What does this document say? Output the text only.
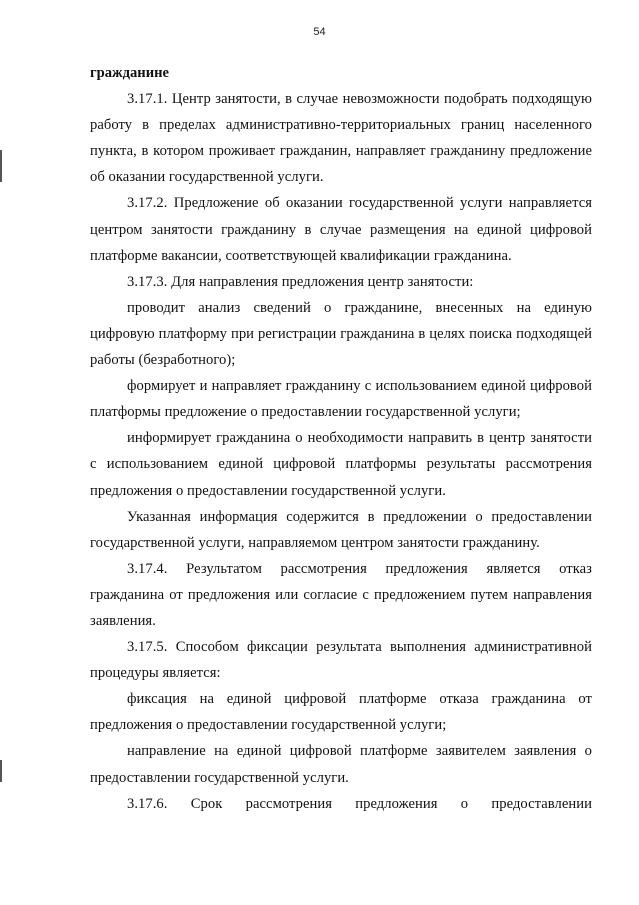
54

гражданине

3.17.1. Центр занятости, в случае невозможности подобрать подходящую работу в пределах административно-территориальных границ населенного пункта, в котором проживает гражданин, направляет гражданину предложение об оказании государственной услуги.

3.17.2. Предложение об оказании государственной услуги направляется центром занятости гражданину в случае размещения на единой цифровой платформе вакансии, соответствующей квалификации гражданина.

3.17.3. Для направления предложения центр занятости:

проводит анализ сведений о гражданине, внесенных на единую цифровую платформу при регистрации гражданина в целях поиска подходящей работы (безработного);

формирует и направляет гражданину с использованием единой цифровой платформы предложение о предоставлении государственной услуги;

информирует гражданина о необходимости направить в центр занятости с использованием единой цифровой платформы результаты рассмотрения предложения о предоставлении государственной услуги.

Указанная информация содержится в предложении о предоставлении государственной услуги, направляемом центром занятости гражданину.

3.17.4. Результатом рассмотрения предложения является отказ гражданина от предложения или согласие с предложением путем направления заявления.

3.17.5. Способом фиксации результата выполнения административной процедуры является:

фиксация на единой цифровой платформе отказа гражданина от предложения о предоставлении государственной услуги;

направление на единой цифровой платформе заявителем заявления о предоставлении государственной услуги.

3.17.6. Срок рассмотрения предложения о предоставлении
